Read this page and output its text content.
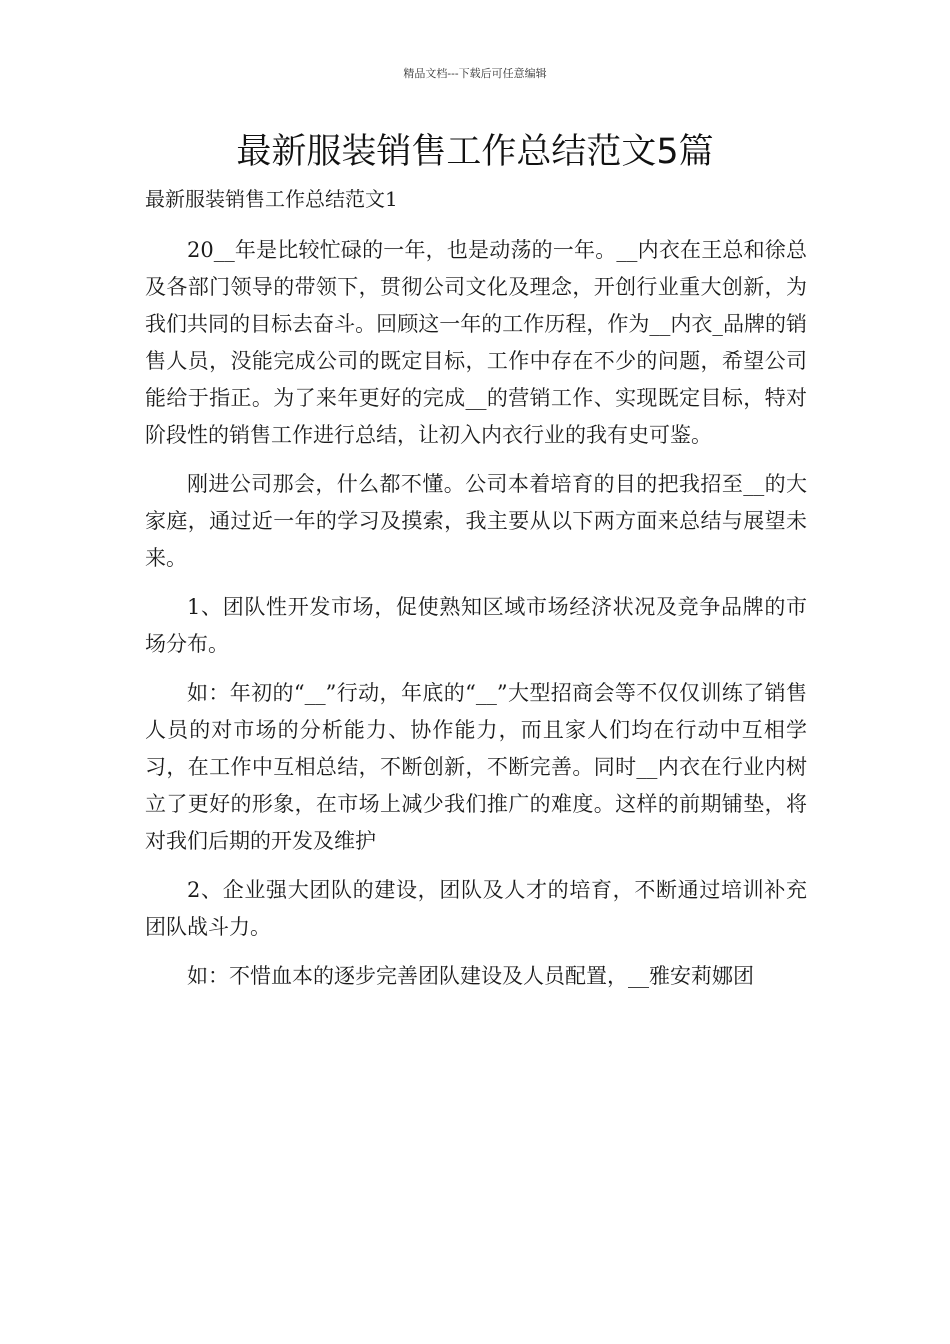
精品文档---下载后可任意编辑
最新服装销售工作总结范文5篇
最新服装销售工作总结范文1

20__年是比较忙碌的一年，也是动荡的一年。__内衣在王总和徐总及各部门领导的带领下，贯彻公司文化及理念，开创行业重大创新，为我们共同的目标去奋斗。回顾这一年的工作历程，作为__内衣_品牌的销售人员，没能完成公司的既定目标，工作中存在不少的问题，希望公司能给于指正。为了来年更好的完成__的营销工作、实现既定目标，特对阶段性的销售工作进行总结，让初入内衣行业的我有史可鉴。

刚进公司那会，什么都不懂。公司本着培育的目的把我招至__的大家庭，通过近一年的学习及摸索，我主要从以下两方面来总结与展望未来。

1、团队性开发市场，促使熟知区域市场经济状况及竞争品牌的市场分布。

如：年初的“__”行动，年底的“__”大型招商会等不仅仅训练了销售人员的对市场的分析能力、协作能力，而且家人们均在行动中互相学习，在工作中互相总结，不断创新，不断完善。同时__内衣在行业内树立了更好的形象，在市场上减少我们推广的难度。这样的前期铺垫，将对我们后期的开发及维护

2、企业强大团队的建设，团队及人才的培育，不断通过培训补充团队战斗力。

如：不惜血本的逐步完善团队建设及人员配置，__雅安莉娜团
